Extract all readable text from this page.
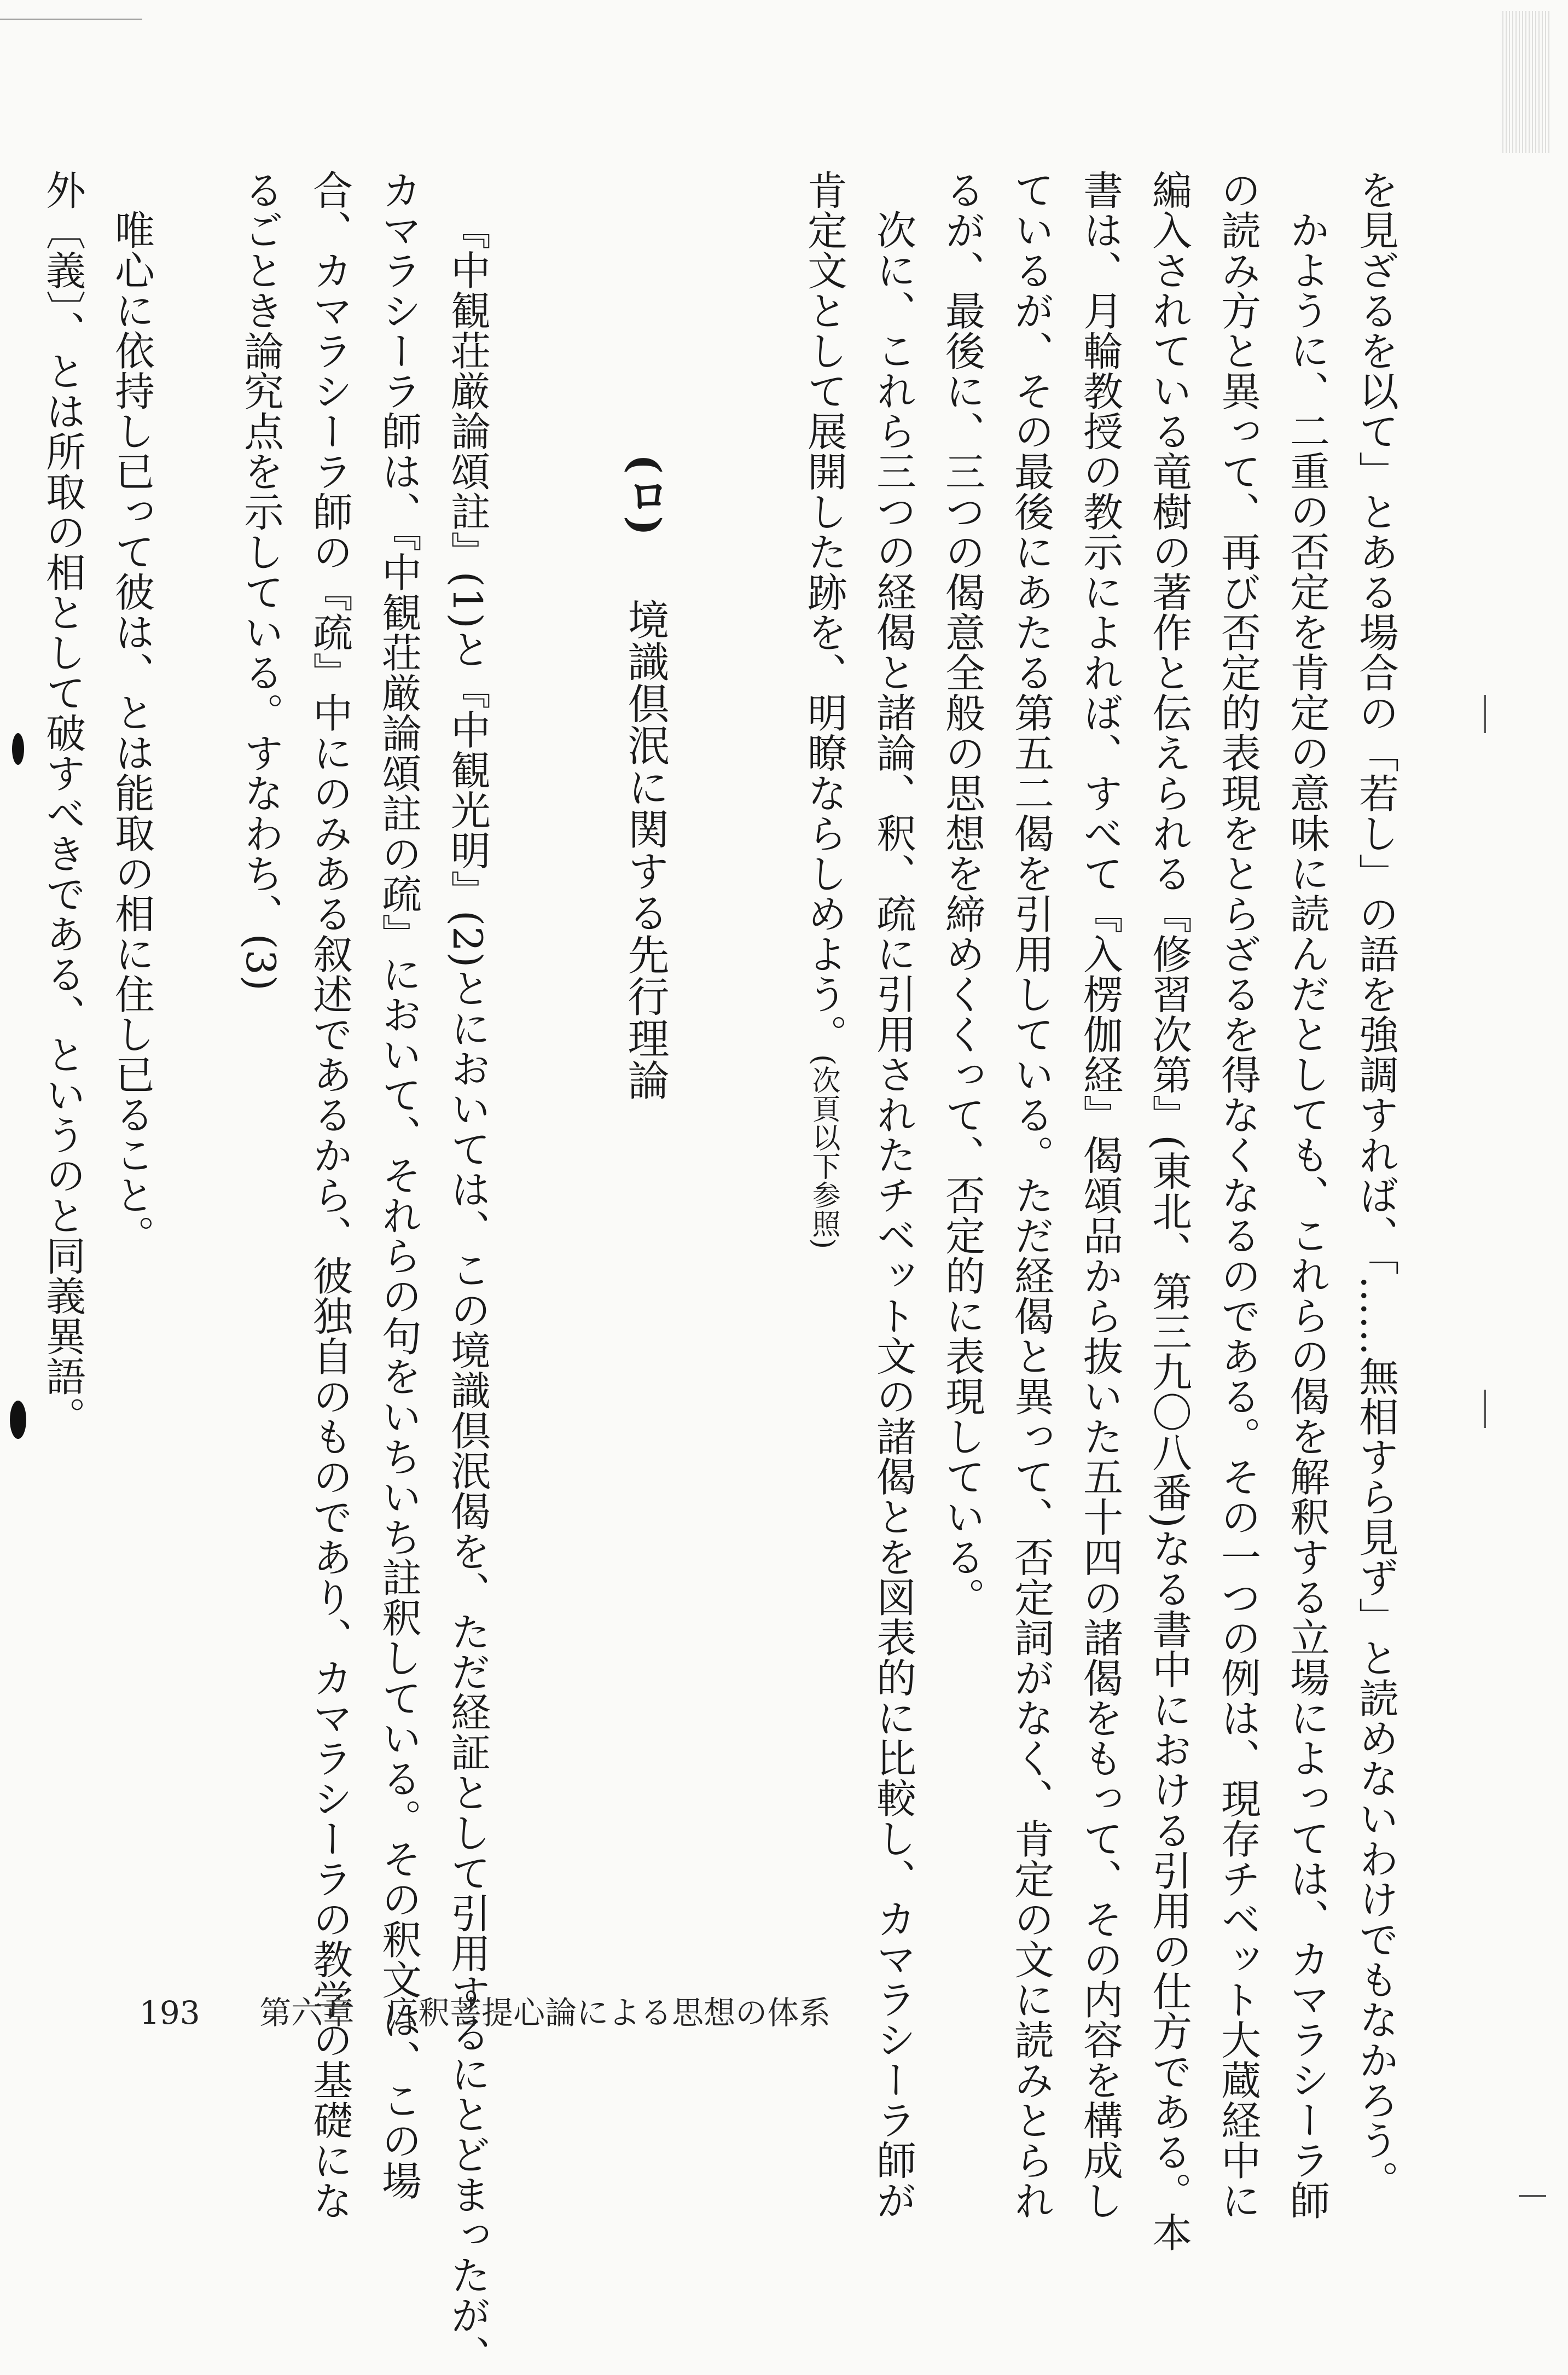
を見ざるを以て」とある場合の「若し」の語を強調すれば、「……無相すら見ず」と読めないわけでもなかろう。
かように、二重の否定を肯定の意味に読んだとしても、これらの偈を解釈する立場によっては、カマラシーラ師
の読み方と異って、再び否定的表現をとらざるを得なくなるのである。その一つの例は、現存チベット大蔵経中に
編入されている竜樹の著作と伝えられる『修習次第』(東北、第三九〇八番)なる書中における引用の仕方である。本
書は、月輪教授の教示によれば、すべて『入楞伽経』偈頌品から抜いた五十四の諸偈をもって、その内容を構成し
ているが、その最後にあたる第五二偈を引用している。ただ経偈と異って、否定詞がなく、肯定の文に読みとられ
るが、最後に、三つの偈意全般の思想を締めくくって、否定的に表現している。
次に、これら三つの経偈と諸論、釈、疏に引用されたチベット文の諸偈とを図表的に比較し、カマラシーラ師が
肯定文として展開した跡を、明瞭ならしめよう。(次頁以下参照)
(ロ) 境識倶泯に関する先行理論
『中観荘厳論頌註』(1)と『中観光明』(2)とにおいては、この境識倶泯偈を、ただ経証として引用するにとどまったが、
カマラシーラ師は、『中観荘厳論頌註の疏』において、それらの句をいちいち註釈している。その釈文は、この場
合、カマラシーラ師の『疏』中にのみある叙述であるから、彼独自のものであり、カマラシーラの教学の基礎にな
るごとき論究点を示している。すなわち、(3)
唯心に依持し已って彼は、とは能取の相に住し已ること。
外〔義〕、とは所取の相として破すべきである、というのと同義異語。
193 第六章　広釈菩提心論による思想の体系
